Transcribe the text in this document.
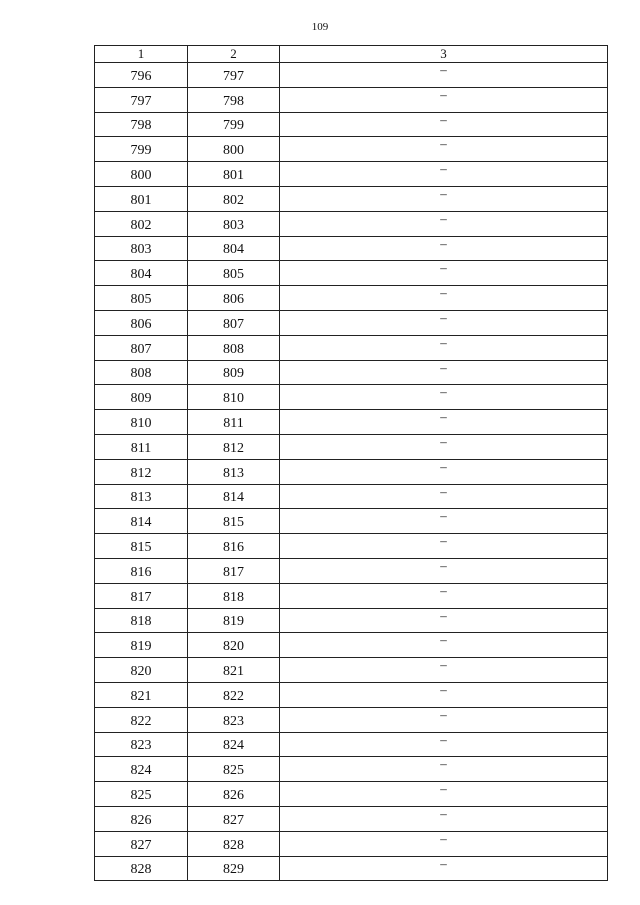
109
1	2	3
796	797	–
797	798	–
798	799	–
799	800	–
800	801	–
801	802	–
802	803	–
803	804	–
804	805	–
805	806	–
806	807	–
807	808	–
808	809	–
809	810	–
810	811	–
811	812	–
812	813	–
813	814	–
814	815	–
815	816	–
816	817	–
817	818	–
818	819	–
819	820	–
820	821	–
821	822	–
822	823	–
823	824	–
824	825	–
825	826	–
826	827	–
827	828	–
828	829	–
